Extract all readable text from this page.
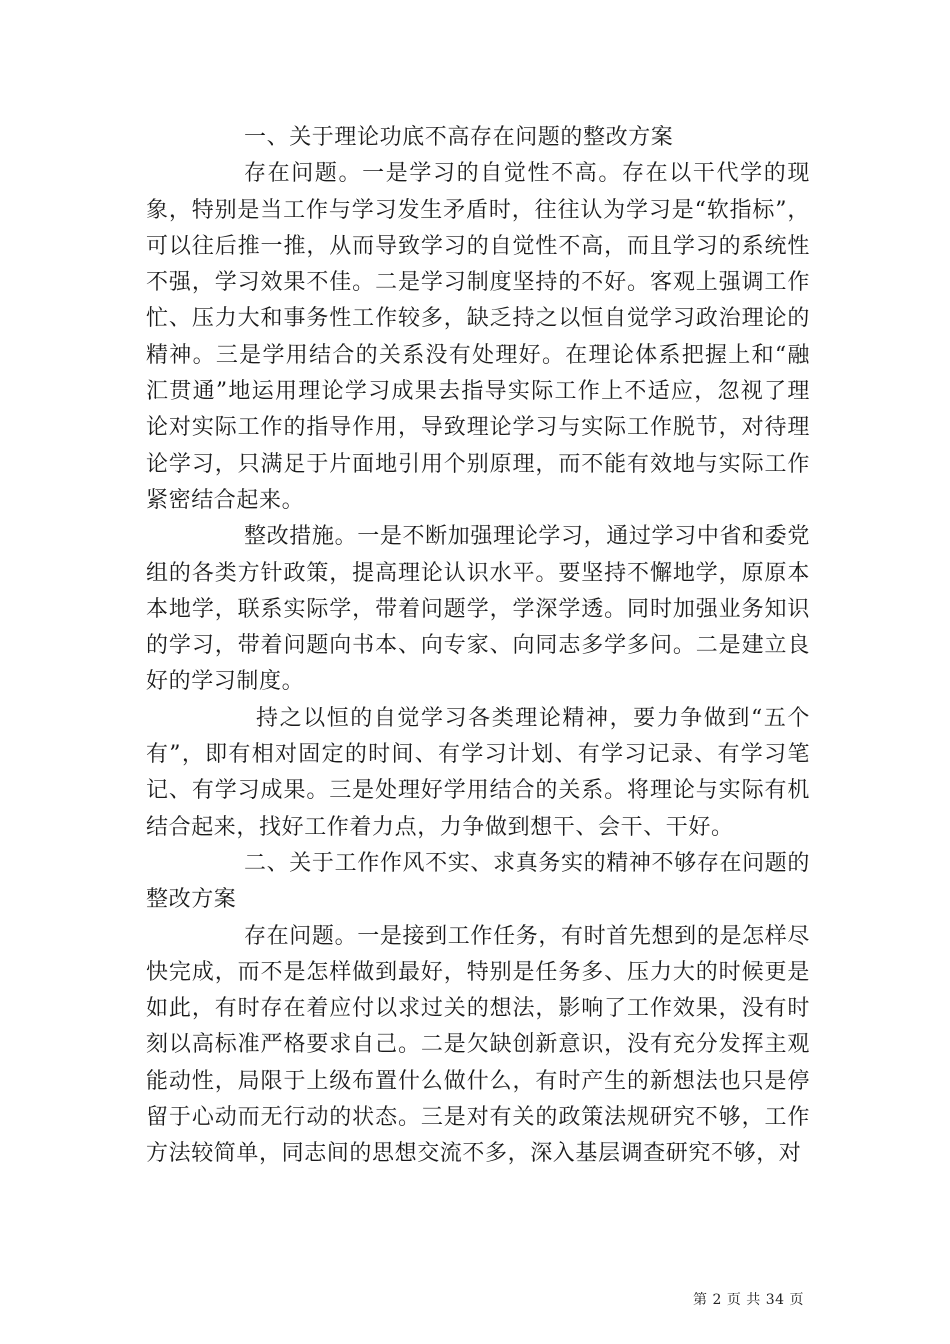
一、关于理论功底不高存在问题的整改方案

存在问题。一是学习的自觉性不高。存在以干代学的现象，特别是当工作与学习发生矛盾时，往往认为学习是“软指标”，可以往后推一推，从而导致学习的自觉性不高，而且学习的系统性不强，学习效果不佳。二是学习制度坚持的不好。客观上强调工作忙、压力大和事务性工作较多，缺乏持之以恒自觉学习政治理论的精神。三是学用结合的关系没有处理好。在理论体系把握上和“融汇贯通”地运用理论学习成果去指导实际工作上不适应，忽视了理论对实际工作的指导作用，导致理论学习与实际工作脱节，对待理论学习，只满足于片面地引用个别原理，而不能有效地与实际工作紧密结合起来。

整改措施。一是不断加强理论学习，通过学习中省和委党组的各类方针政策，提高理论认识水平。要坚持不懈地学，原原本本地学，联系实际学，带着问题学，学深学透。同时加强业务知识的学习，带着问题向书本、向专家、向同志多学多问。二是建立良好的学习制度。

持之以恒的自觉学习各类理论精神，要力争做到“五个有”，即有相对固定的时间、有学习计划、有学习记录、有学习笔记、有学习成果。三是处理好学用结合的关系。将理论与实际有机结合起来，找好工作着力点，力争做到想干、会干、干好。

二、关于工作作风不实、求真务实的精神不够存在问题的整改方案

存在问题。一是接到工作任务，有时首先想到的是怎样尽快完成，而不是怎样做到最好，特别是任务多、压力大的时候更是如此，有时存在着应付以求过关的想法，影响了工作效果，没有时刻以高标准严格要求自己。二是欠缺创新意识，没有充分发挥主观能动性，局限于上级布置什么做什么，有时产生的新想法也只是停留于心动而无行动的状态。三是对有关的政策法规研究不够，工作方法较简单，同志间的思想交流不多，深入基层调查研究不够，对

第 2 页 共 34 页
